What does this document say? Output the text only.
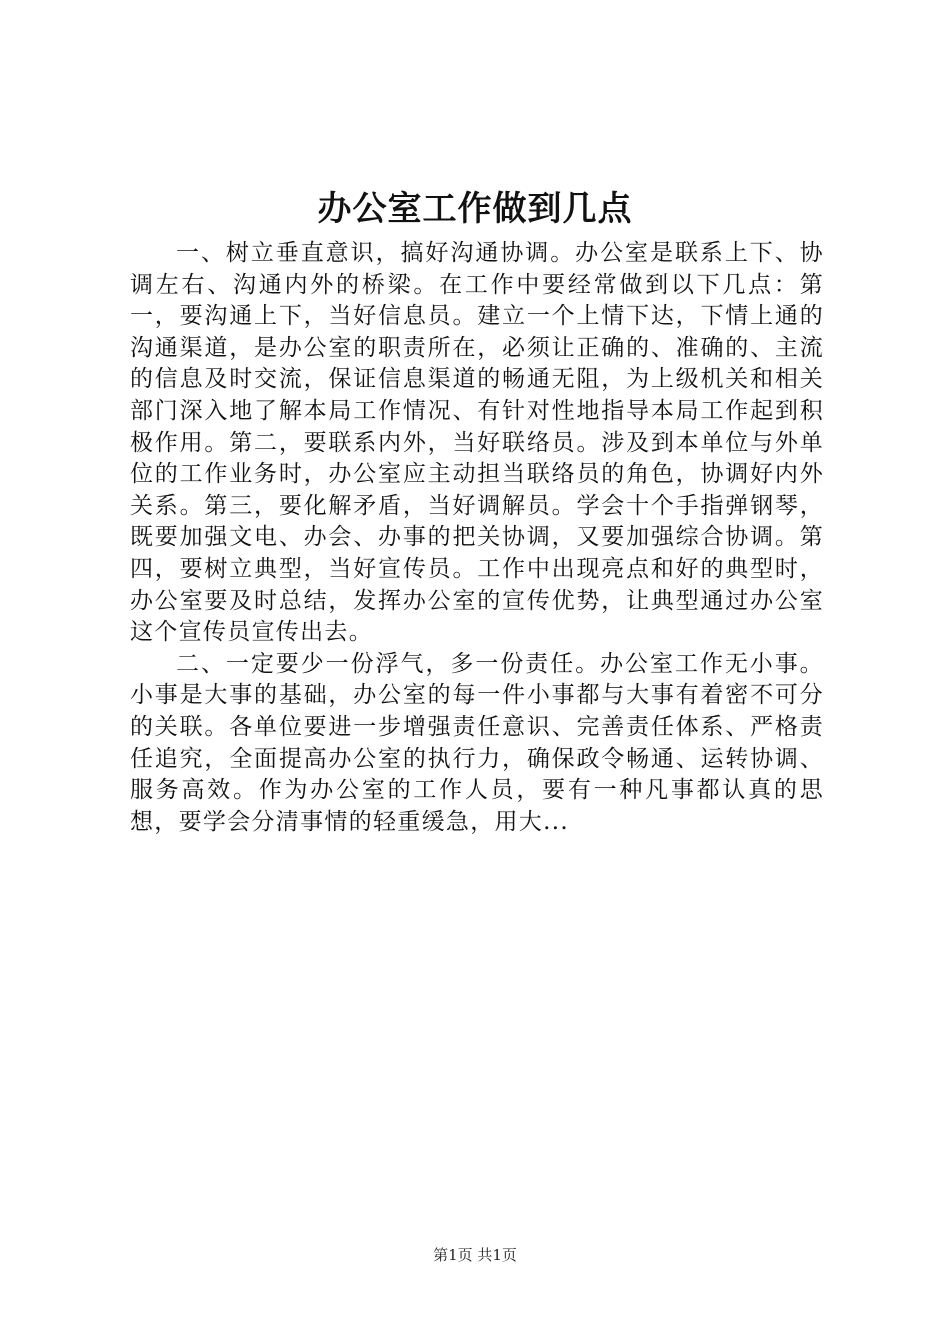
办公室工作做到几点

一、树立垂直意识，搞好沟通协调。办公室是联系上下、协调左右、沟通内外的桥梁。在工作中要经常做到以下几点：第一，要沟通上下，当好信息员。建立一个上情下达，下情上通的沟通渠道，是办公室的职责所在，必须让正确的、准确的、主流的信息及时交流，保证信息渠道的畅通无阻，为上级机关和相关部门深入地了解本局工作情况、有针对性地指导本局工作起到积极作用。第二，要联系内外，当好联络员。涉及到本单位与外单位的工作业务时，办公室应主动担当联络员的角色，协调好内外关系。第三，要化解矛盾，当好调解员。学会十个手指弹钢琴，既要加强文电、办会、办事的把关协调，又要加强综合协调。第四，要树立典型，当好宣传员。工作中出现亮点和好的典型时，办公室要及时总结，发挥办公室的宣传优势，让典型通过办公室这个宣传员宣传出去。

二、一定要少一份浮气，多一份责任。办公室工作无小事。小事是大事的基础，办公室的每一件小事都与大事有着密不可分的关联。各单位要进一步增强责任意识、完善责任体系、严格责任追究，全面提高办公室的执行力，确保政令畅通、运转协调、服务高效。作为办公室的工作人员，要有一种凡事都认真的思想，要学会分清事情的轻重缓急，用大...

第1页 共1页
